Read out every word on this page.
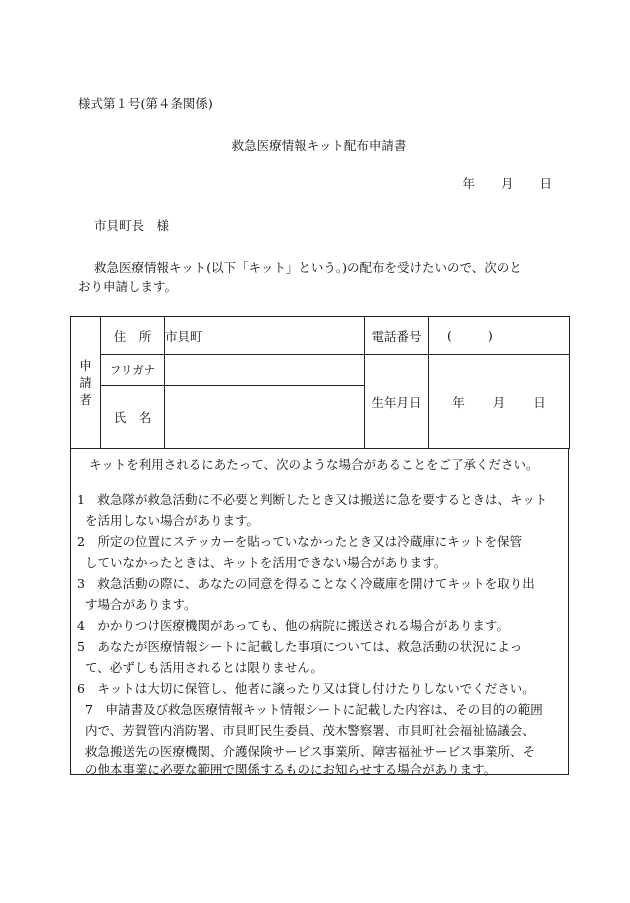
様式第１号(第４条関係)
救急医療情報キット配布申請書
年 月 日
市貝町長　様
救急医療情報キット(以下「キット」という。)の配布を受けたいので、次のと
おり申請します。
申
請
者	住　所	市貝町	電話番号	( )
	フリガナ		生年月日	年 月 日
	氏　名			
キットを利用されるにあたって、次のような場合があることをご了承ください。
1　救急隊が救急活動に不必要と判断したとき又は搬送に急を要するときは、キット
を活用しない場合があります。
2　所定の位置にステッカーを貼っていなかったとき又は冷蔵庫にキットを保管
していなかったときは、キットを活用できない場合があります。
3　救急活動の際に、あなたの同意を得ることなく冷蔵庫を開けてキットを取り出
す場合があります。
4　かかりつけ医療機関があっても、他の病院に搬送される場合があります。
5　あなたが医療情報シートに記載した事項については、救急活動の状況によっ
て、必ずしも活用されるとは限りません。
6　キットは大切に保管し、他者に譲ったり又は貸し付けたりしないでください。
7　申請書及び救急医療情報キット情報シートに記載した内容は、その目的の範囲
内で、芳賀管内消防署、市貝町民生委員、茂木警察署、市貝町社会福祉協議会、
救急搬送先の医療機関、介護保険サービス事業所、障害福祉サービス事業所、そ
の他本事業に必要な範囲で関係するものにお知らせする場合があります。
